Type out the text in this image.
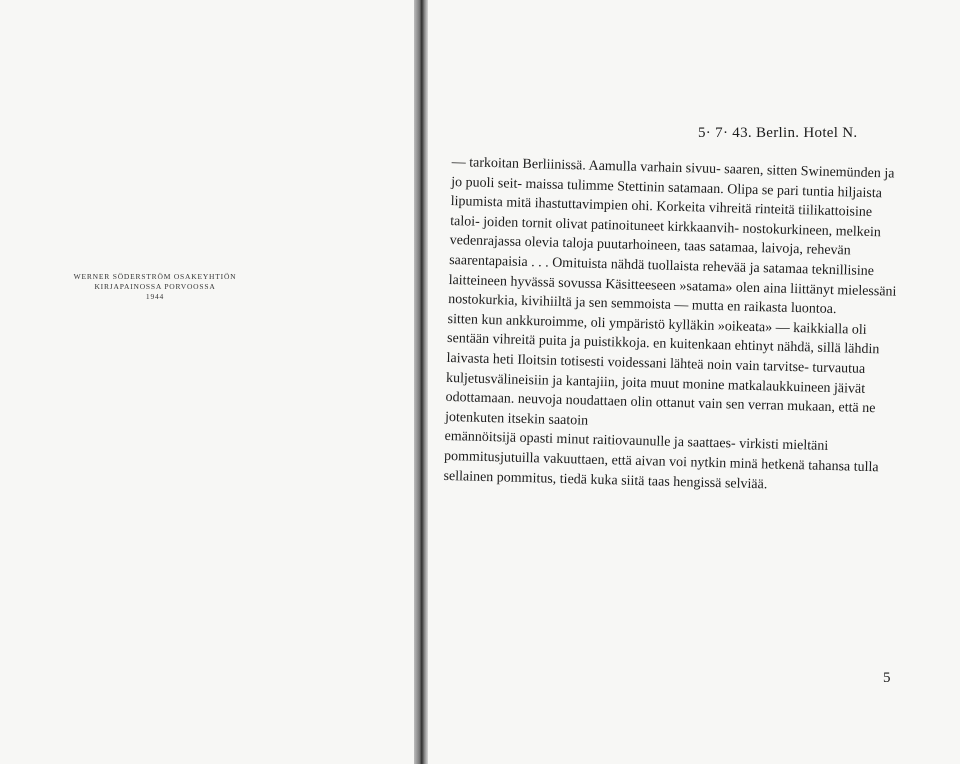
WERNER SÖDERSTRÖM OSAKEYHTIÖN
KIRJAPAINOSSA PORVOOSSA
1944
5· 7· 43. Berlin. Hotel N.

— tarkoitan Berliinissä. Aamulla varhain sivuu- saaren, sitten Swinemünden ja jo puoli seit- maissa tulimme Stettinin satamaan. Olipa se pari tuntia hiljaista lipumista mitä ihastuttavimpien ohi. Korkeita vihreitä rinteitä tiilikattoisine taloi- joiden tornit olivat patinoituneet kirkkaanvih- nostokurkineen, melkein vedenrajassa olevia taloja puutarhoineen, taas satamaa, laivoja, rehevän saarentapaisia . . . Omituista nähdä tuollaista rehevää ja satamaa teknillisine laitteineen hyvässä sovussa Käsitteeseen »satama» olen aina liittänyt mielessäni nostokurkia, kivihiiltä ja sen semmoista — mutta en raikasta luontoa.

sitten kun ankkuroimme, oli ympäristö kylläkin »oikeata» — kaikkialla oli sentään vihreitä puita ja puistikkoja. en kuitenkaan ehtinyt nähdä, sillä lähdin laivasta heti Iloitsin totisesti voidessani lähteä noin vain tarvitse- turvautua kuljetusvälineisiin ja kantajiin, joita muut monine matkalaukkuineen jäivät odottamaan. neuvoja noudattaen olin ottanut vain sen verran mukaan, että ne jotenkuten itsekin saatoin

emännöitsijä opasti minut raitiovaunulle ja saattaes- virkisti mieltäni pommitusjutuilla vakuuttaen, että aivan voi nytkin minä hetkenä tahansa tulla sellainen pommitus, tiedä kuka siitä taas hengissä selviää.

5
